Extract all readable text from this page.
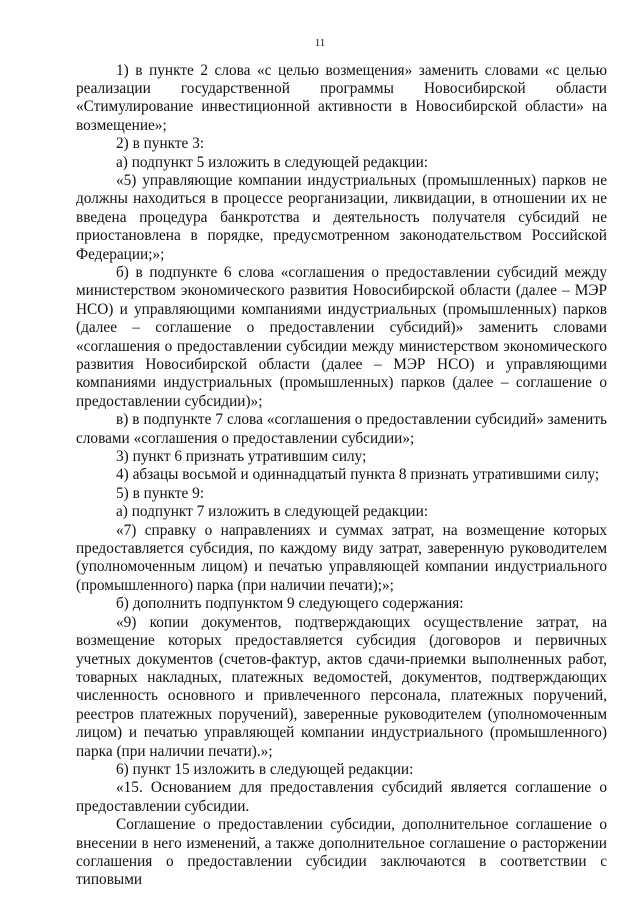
11

1) в пункте 2 слова «с целью возмещения» заменить словами «с целью реализации государственной программы Новосибирской области «Стимулирование инвестиционной активности в Новосибирской области» на возмещение»;

2) в пункте 3:

а) подпункт 5 изложить в следующей редакции:

«5) управляющие компании индустриальных (промышленных) парков не должны находиться в процессе реорганизации, ликвидации, в отношении их не введена процедура банкротства и деятельность получателя субсидий не приостановлена в порядке, предусмотренном законодательством Российской Федерации;»;

б) в подпункте 6 слова «соглашения о предоставлении субсидий между министерством экономического развития Новосибирской области (далее – МЭР НСО) и управляющими компаниями индустриальных (промышленных) парков (далее – соглашение о предоставлении субсидий)» заменить словами «соглашения о предоставлении субсидии между министерством экономического развития Новосибирской области (далее – МЭР НСО) и управляющими компаниями индустриальных (промышленных) парков (далее – соглашение о предоставлении субсидии)»;

в) в подпункте 7 слова «соглашения о предоставлении субсидий» заменить словами «соглашения о предоставлении субсидии»;

3) пункт 6 признать утратившим силу;

4) абзацы восьмой и одиннадцатый пункта 8 признать утратившими силу;

5) в пункте 9:

а) подпункт 7 изложить в следующей редакции:

«7) справку о направлениях и суммах затрат, на возмещение которых предоставляется субсидия, по каждому виду затрат, заверенную руководителем (уполномоченным лицом) и печатью управляющей компании индустриального (промышленного) парка (при наличии печати);»;

б) дополнить подпунктом 9 следующего содержания:

«9) копии документов, подтверждающих осуществление затрат, на возмещение которых предоставляется субсидия (договоров и первичных учетных документов (счетов-фактур, актов сдачи-приемки выполненных работ, товарных накладных, платежных ведомостей, документов, подтверждающих численность основного и привлеченного персонала, платежных поручений, реестров платежных поручений), заверенные руководителем (уполномоченным лицом) и печатью управляющей компании индустриального (промышленного) парка (при наличии печати).»;

6) пункт 15 изложить в следующей редакции:

«15. Основанием для предоставления субсидий является соглашение о предоставлении субсидии.

Соглашение о предоставлении субсидии, дополнительное соглашение о внесении в него изменений, а также дополнительное соглашение о расторжении соглашения о предоставлении субсидии заключаются в соответствии с типовыми
